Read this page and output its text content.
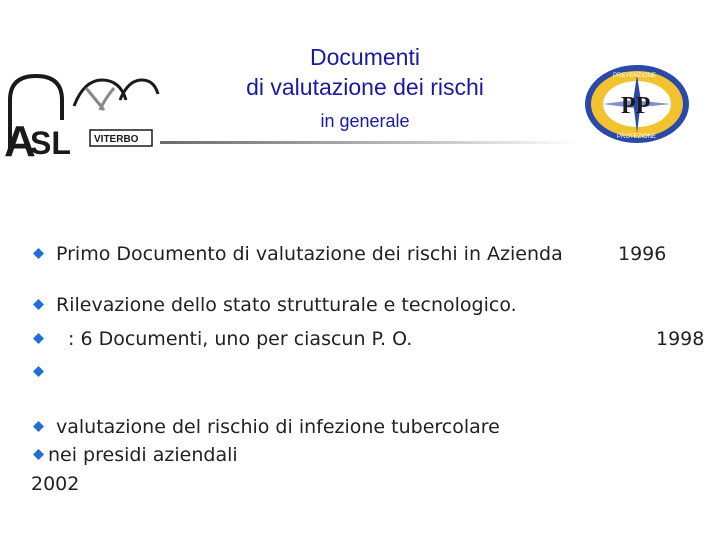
A
SL VITERBO
Documenti
di valutazione dei rischi
in generale
PP
PREVENZIONE
PROTEZIONE
Primo Documento di valutazione dei rischi in Azienda	1996
Rilevazione dello stato strutturale e tecnologico.
: 6 Documenti, uno per ciascun P. O.	1998
valutazione del rischio di infezione tubercolare
nei presidi aziendali
2002
